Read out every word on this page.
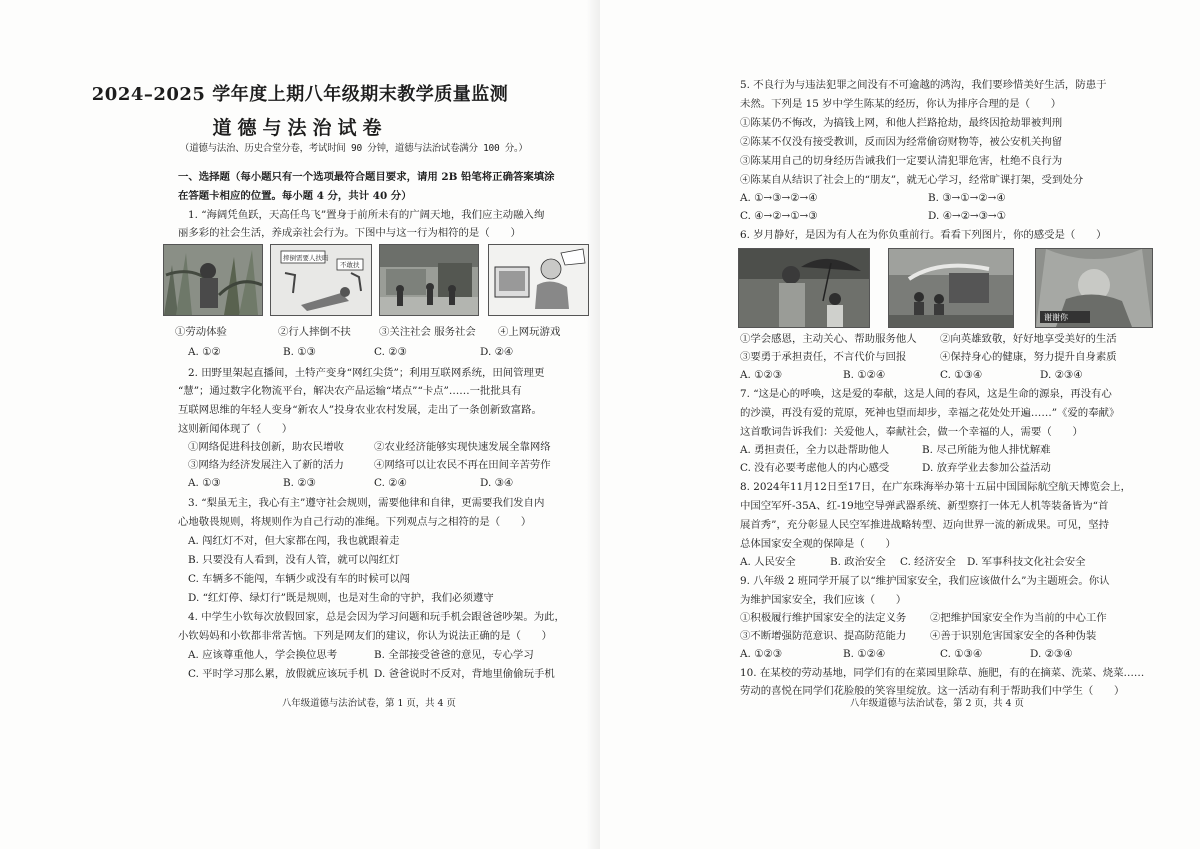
2024–2025 学年度上期八年级期末教学质量监测
道德与法治试卷
（道德与法治、历史合堂分卷，考试时间 90 分钟，道德与法治试卷满分 100 分。）
一、选择题（每小题只有一个选项最符合题目要求，请用 2B 铅笔将正确答案填涂
在答题卡相应的位置。每小题 4 分，共计 40 分）
1. “海阔凭鱼跃，天高任鸟飞”置身于前所未有的广阔天地，我们应主动融入绚
丽多彩的社会生活，养成亲社会行为。下图中与这一行为相符的是（　　）
摔倒需要人扶吗
不敢扶
①劳动体验	②行人摔倒不扶	③关注社会 服务社会 ④上网玩游戏
A. ①②	B. ①③	C. ②③	D. ②④
2. 田野里架起直播间，土特产变身“网红尖货”；利用互联网系统，田间管理更
“慧”；通过数字化物流平台，解决农产品运输“堵点”“卡点”……一批批具有
互联网思维的年轻人变身“新农人”投身农业农村发展，走出了一条创新致富路。
这则新闻体现了（　　）
①网络促进科技创新，助农民增收	②农业经济能够实现快速发展全靠网络
③网络为经济发展注入了新的活力	④网络可以让农民不再在田间辛苦劳作
A. ①③	B. ②③	C. ②④	D. ③④
3. “梨虽无主，我心有主”遵守社会规则，需要他律和自律，更需要我们发自内
心地敬畏规则，将规则作为自己行动的准绳。下列观点与之相符的是（　　）
A. 闯红灯不对，但大家都在闯，我也就跟着走
B. 只要没有人看到，没有人管，就可以闯红灯
C. 车辆多不能闯，车辆少或没有车的时候可以闯
D. “红灯停、绿灯行”既是规则，也是对生命的守护，我们必须遵守
4. 中学生小钦每次放假回家，总是会因为学习问题和玩手机会跟爸爸吵架。为此，
小钦妈妈和小钦都非常苦恼。下列是网友们的建议，你认为说法正确的是（　　）
A. 应该尊重他人，学会换位思考	B. 全部接受爸爸的意见，专心学习
C. 平时学习那么累，放假就应该玩手机 D. 爸爸说时不反对，背地里偷偷玩手机
八年级道德与法治试卷，第 1 页，共 4 页
5. 不良行为与违法犯罪之间没有不可逾越的鸿沟，我们要珍惜美好生活，防患于
未然。下列是 15 岁中学生陈某的经历，你认为排序合理的是（　　）
①陈某仍不悔改，为搞钱上网，和他人拦路抢劫，最终因抢劫罪被判刑
②陈某不仅没有接受教训，反而因为经常偷窃财物等，被公安机关拘留
③陈某用自己的切身经历告诫我们一定要认清犯罪危害，杜绝不良行为
④陈某自从结识了社会上的“朋友”，就无心学习，经常旷课打架，受到处分
A. ①→③→②→④	B. ③→①→②→④
C. ④→②→①→③	D. ④→②→③→①
6. 岁月静好，是因为有人在为你负重前行。看看下列图片，你的感受是（　　）
谢谢你
①学会感恩，主动关心、帮助服务他人 ②向英雄致敬，好好地享受美好的生活
③要勇于承担责任，不言代价与回报	④保持身心的健康，努力提升自身素质
A. ①②③	B. ①②④	C. ①③④	D. ②③④
7. “这是心的呼唤，这是爱的奉献，这是人间的春风，这是生命的源泉，再没有心
的沙漠，再没有爱的荒原，死神也望而却步，幸福之花处处开遍……”《爱的奉献》
这首歌词告诉我们：关爱他人，奉献社会，做一个幸福的人，需要（　　）
A. 勇担责任，全力以赴帮助他人	B. 尽己所能为他人排忧解难
C. 没有必要考虑他人的内心感受	D. 放弃学业去参加公益活动
8. 2024年11月12日至17日，在广东珠海举办第十五届中国国际航空航天博览会上，
中国空军歼-35A、红-19地空导弹武器系统、新型察打一体无人机等装备皆为“首
展首秀”，充分彰显人民空军推进战略转型、迈向世界一流的新成果。可见，坚持
总体国家安全观的保障是（　　）
A. 人民安全	B. 政治安全 C. 经济安全 D. 军事科技文化社会安全
9. 八年级 2 班同学开展了以“维护国家安全，我们应该做什么”为主题班会。你认
为维护国家安全，我们应该（　　）
①积极履行维护国家安全的法定义务 ②把维护国家安全作为当前的中心工作
③不断增强防范意识、提高防范能力 ④善于识别危害国家安全的各种伪装
A. ①②③	B. ①②④	C. ①③④	D. ②③④
10. 在某校的劳动基地，同学们有的在菜园里除草、施肥，有的在摘菜、洗菜、烧菜……
劳动的喜悦在同学们花脸般的笑容里绽放。这一活动有利于帮助我们中学生（　　）
八年级道德与法治试卷，第 2 页，共 4 页
